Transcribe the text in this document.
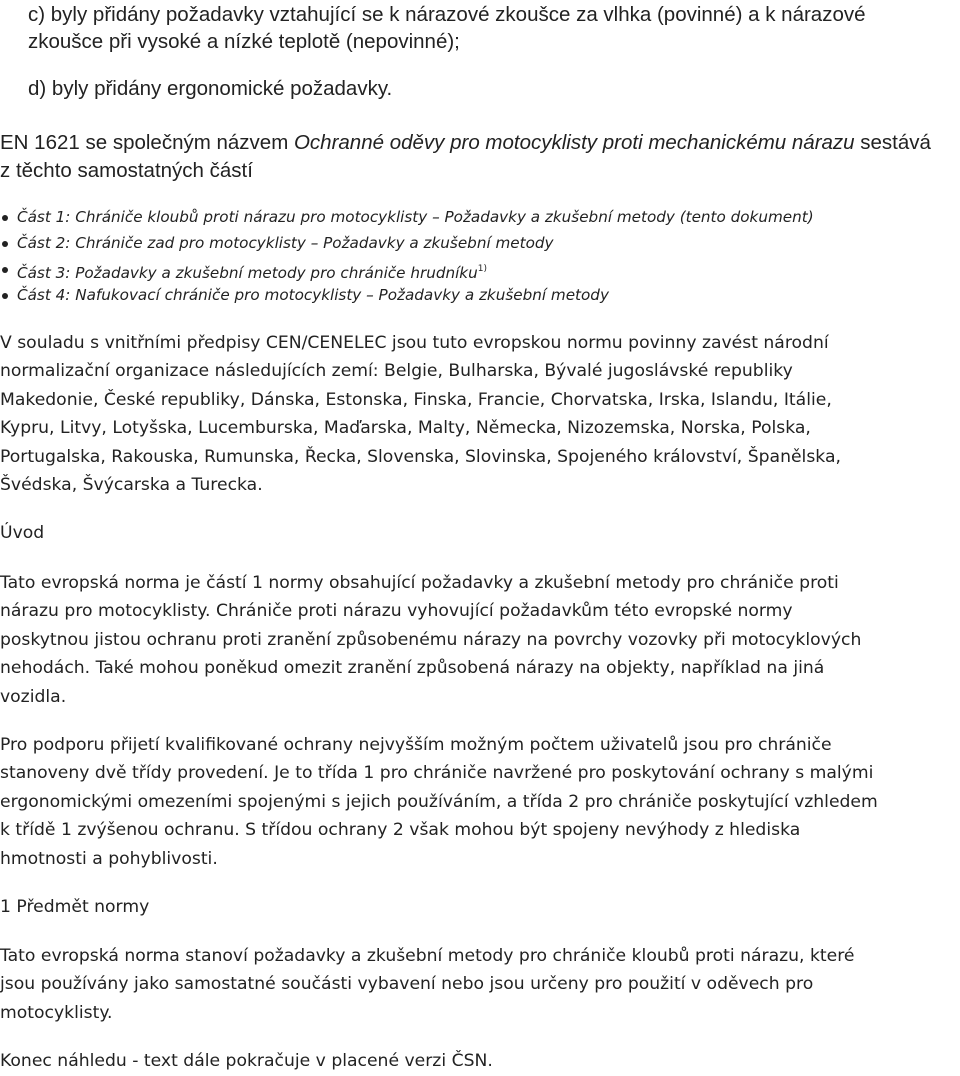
c) byly přidány požadavky vztahující se k nárazové zkoušce za vlhka (povinné) a k nárazové
zkoušce při vysoké a nízké teplotě (nepovinné);
d) byly přidány ergonomické požadavky.
EN 1621 se společným názvem Ochranné oděvy pro motocyklisty proti mechanickému nárazu sestává
z těchto samostatných částí
Část 1: Chrániče kloubů proti nárazu pro motocyklisty – Požadavky a zkušební metody (tento dokument)
Část 2: Chrániče zad pro motocyklisty – Požadavky a zkušební metody
Část 3: Požadavky a zkušební metody pro chrániče hrudníku$^{1)}$
Část 4: Nafukovací chrániče pro motocyklisty – Požadavky a zkušební metody
V souladu s vnitřními předpisy CEN/CENELEC jsou tuto evropskou normu povinny zavést národní
normalizační organizace následujících zemí: Belgie, Bulharska, Bývalé jugoslávské republiky
Makedonie, České republiky, Dánska, Estonska, Finska, Francie, Chorvatska, Irska, Islandu, Itálie,
Kypru, Litvy, Lotyšska, Lucemburska, Maďarska, Malty, Německa, Nizozemska, Norska, Polska,
Portugalska, Rakouska, Rumunska, Řecka, Slovenska, Slovinska, Spojeného království, Španělska,
Švédska, Švýcarska a Turecka.
Úvod
Tato evropská norma je částí 1 normy obsahující požadavky a zkušební metody pro chrániče proti
nárazu pro motocyklisty. Chrániče proti nárazu vyhovující požadavkům této evropské normy
poskytnou jistou ochranu proti zranění způsobenému nárazy na povrchy vozovky při motocyklových
nehodách. Také mohou poněkud omezit zranění způsobená nárazy na objekty, například na jiná
vozidla.
Pro podporu přijetí kvalifikované ochrany nejvyšším možným počtem uživatelů jsou pro chrániče
stanoveny dvě třídy provedení. Je to třída 1 pro chrániče navržené pro poskytování ochrany s malými
ergonomickými omezeními spojenými s jejich používáním, a třída 2 pro chrániče poskytující vzhledem
k třídě 1 zvýšenou ochranu. S třídou ochrany 2 však mohou být spojeny nevýhody z hlediska
hmotnosti a pohyblivosti.
1 Předmět normy
Tato evropská norma stanoví požadavky a zkušební metody pro chrániče kloubů proti nárazu, které
jsou používány jako samostatné součásti vybavení nebo jsou určeny pro použití v oděvech pro
motocyklisty.
Konec náhledu - text dále pokračuje v placené verzi ČSN.
